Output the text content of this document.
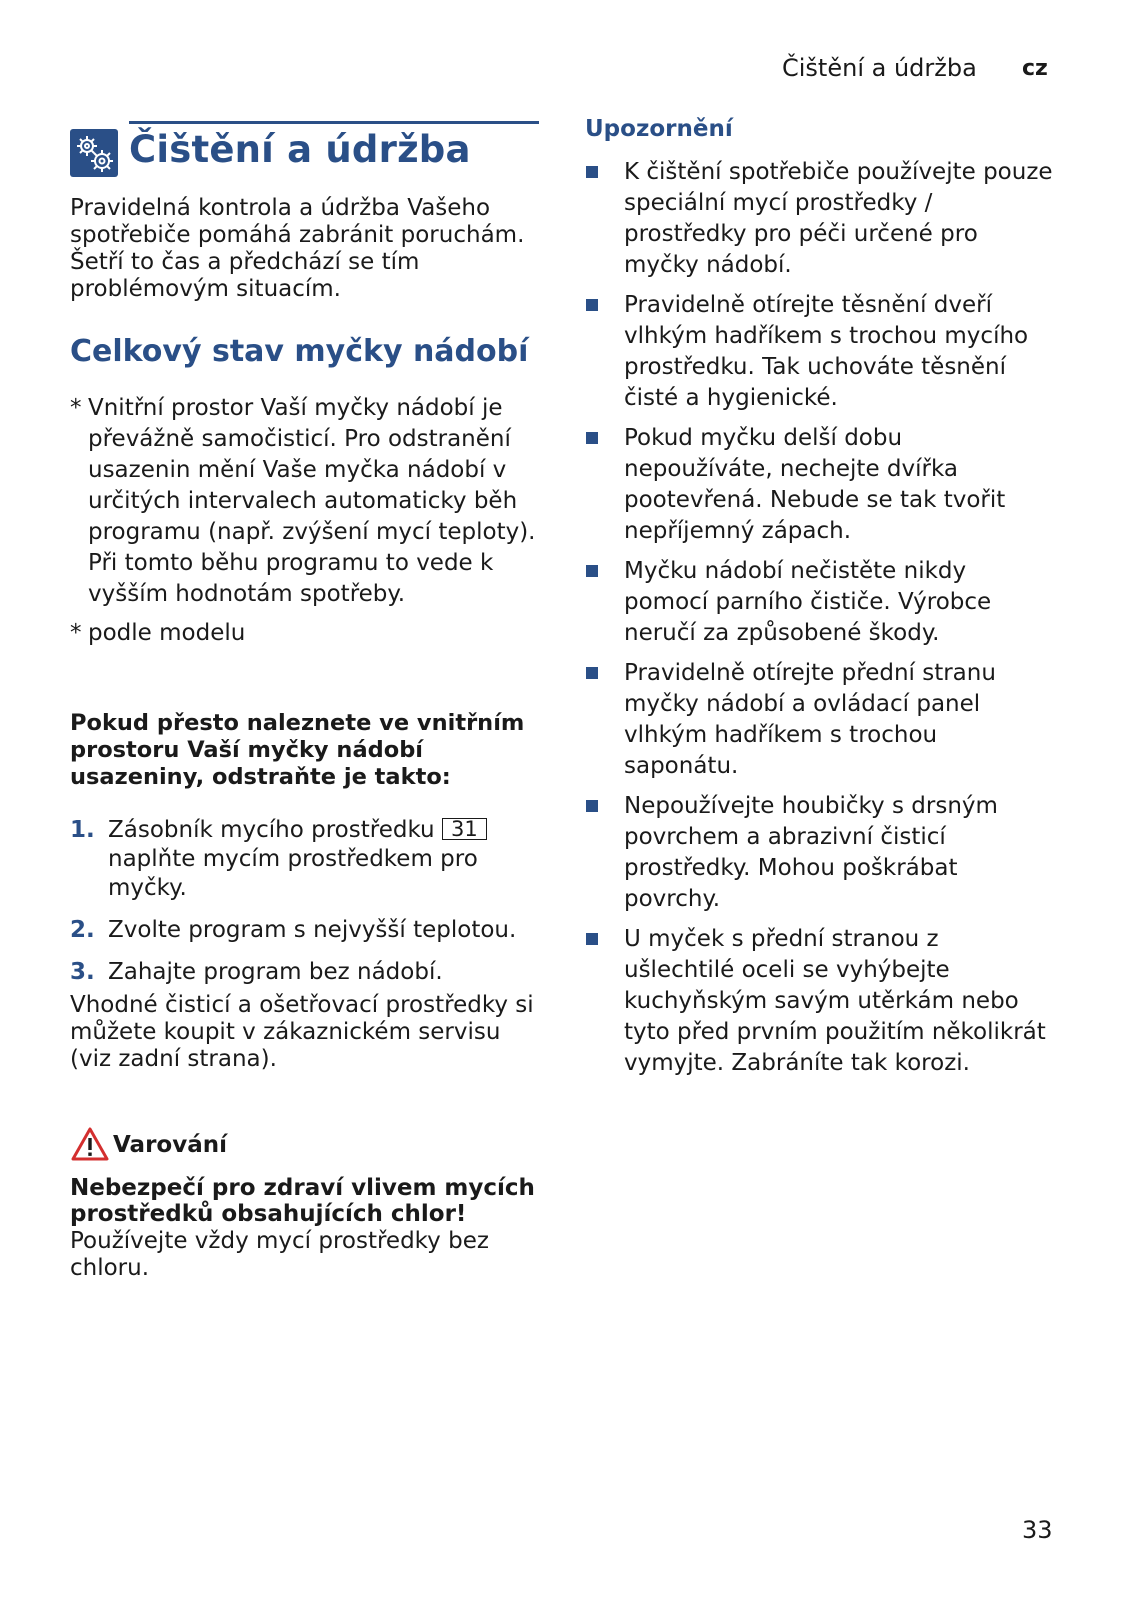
Čištění a údržba cz
Čištění a údržba
Pravidelná kontrola a údržba Vašeho spotřebiče pomáhá zabránit poruchám. Šetří to čas a předchází se tím problémovým situacím.
Celkový stav myčky nádobí
* Vnitřní prostor Vaší myčky nádobí je převážně samočisticí. Pro odstranění usazenin mění Vaše myčka nádobí v určitých intervalech automaticky běh programu (např. zvýšení mycí teploty). Při tomto běhu programu to vede k vyšším hodnotám spotřeby.
* podle modelu
Pokud přesto naleznete ve vnitřním prostoru Vaší myčky nádobí usazeniny, odstraňte je takto:
1. Zásobník mycího prostředku 31 naplňte mycím prostředkem pro myčky.
2. Zvolte program s nejvyšší teplotou.
3. Zahajte program bez nádobí.
Vhodné čisticí a ošetřovací prostředky si můžete koupit v zákaznickém servisu (viz zadní strana).
Varování
Nebezpečí pro zdraví vlivem mycích prostředků obsahujících chlor!
Používejte vždy mycí prostředky bez chloru.
Upozornění
K čištění spotřebiče používejte pouze speciální mycí prostředky / prostředky pro péči určené pro myčky nádobí.
Pravidelně otírejte těsnění dveří vlhkým hadříkem s trochou mycího prostředku. Tak uchováte těsnění čisté a hygienické.
Pokud myčku delší dobu nepoužíváte, nechejte dvířka pootevřená. Nebude se tak tvořit nepříjemný zápach.
Myčku nádobí nečistěte nikdy pomocí parního čističe. Výrobce neručí za způsobené škody.
Pravidelně otírejte přední stranu myčky nádobí a ovládací panel vlhkým hadříkem s trochou saponátu.
Nepoužívejte houbičky s drsným povrchem a abrazivní čisticí prostředky. Mohou poškrábat povrchy.
U myček s přední stranou z ušlechtilé oceli se vyhýbejte kuchyňským savým utěrkám nebo tyto před prvním použitím několikrát vymyjte. Zabráníte tak korozi.
33
